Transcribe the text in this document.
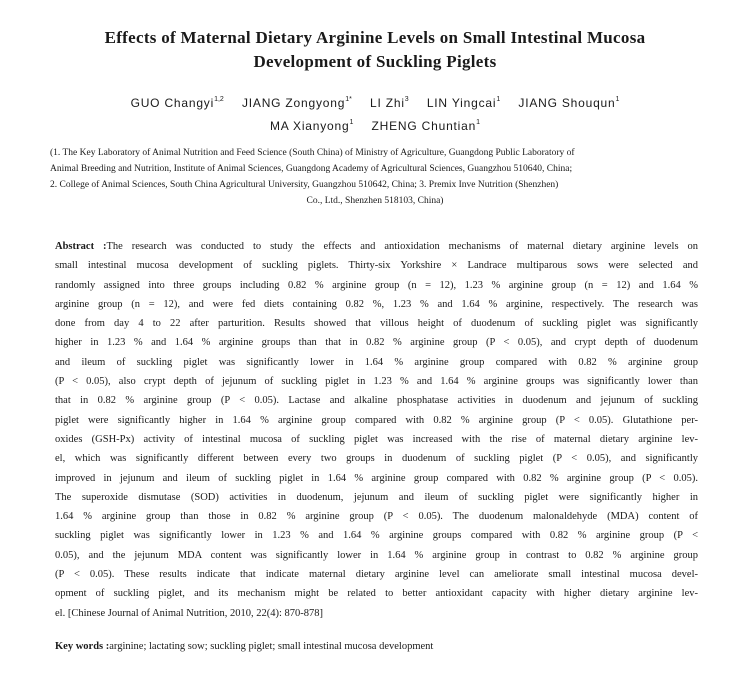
Effects of Maternal Dietary Arginine Levels on Small Intestinal Mucosa
Development of Suckling Piglets
GUO Changyi$^{1,2}$ JIANG Zongyong$^{1*}$ LI Zhi$^3$ LIN Yingcai$^1$ JIANG Shouqun$^1$
MA Xianyong$^1$ ZHENG Chuntian$^1$
(1. The Key Laboratory of Animal Nutrition and Feed Science (South China) of Ministry of Agriculture, Guangdong Public Laboratory of
Animal Breeding and Nutrition, Institute of Animal Sciences, Guangdong Academy of Agricultural Sciences, Guangzhou 510640, China;
2. College of Animal Sciences, South China Agricultural University, Guangzhou 510642, China; 3. Premix Inve Nutrition (Shenzhen)
Co., Ltd., Shenzhen 518103, China)
Abstract :The research was conducted to study the effects and antioxidation mechanisms of maternal dietary arginine levels on
small intestinal mucosa development of suckling piglets. Thirty-six Yorkshire × Landrace multiparous sows were selected and
randomly assigned into three groups including 0.82 % arginine group (n = 12), 1.23 % arginine group (n = 12) and 1.64 %
arginine group (n = 12), and were fed diets containing 0.82 %, 1.23 % and 1.64 % arginine, respectively. The research was
done from day 4 to 22 after parturition. Results showed that villous height of duodenum of suckling piglet was significantly
higher in 1.23 % and 1.64 % arginine groups than that in 0.82 % arginine group (P < 0.05), and crypt depth of duodenum
and ileum of suckling piglet was significantly lower in 1.64 % arginine group compared with 0.82 % arginine group
(P < 0.05), also crypt depth of jejunum of suckling piglet in 1.23 % and 1.64 % arginine groups was significantly lower than
that in 0.82 % arginine group (P < 0.05). Lactase and alkaline phosphatase activities in duodenum and jejunum of suckling
piglet were significantly higher in 1.64 % arginine group compared with 0.82 % arginine group (P < 0.05). Glutathione per-
oxides (GSH-Px) activity of intestinal mucosa of suckling piglet was increased with the rise of maternal dietary arginine lev-
el, which was significantly different between every two groups in duodenum of suckling piglet (P < 0.05), and significantly
improved in jejunum and ileum of suckling piglet in 1.64 % arginine group compared with 0.82 % arginine group (P < 0.05).
The superoxide dismutase (SOD) activities in duodenum, jejunum and ileum of suckling piglet were significantly higher in
1.64 % arginine group than those in 0.82 % arginine group (P < 0.05). The duodenum malonaldehyde (MDA) content of
suckling piglet was significantly lower in 1.23 % and 1.64 % arginine groups compared with 0.82 % arginine group (P <
0.05), and the jejunum MDA content was significantly lower in 1.64 % arginine group in contrast to 0.82 % arginine group
(P < 0.05). These results indicate that indicate maternal dietary arginine level can ameliorate small intestinal mucosa devel-
opment of suckling piglet, and its mechanism might be related to better antioxidant capacity with higher dietary arginine lev-
el. [Chinese Journal of Animal Nutrition, 2010, 22(4): 870-878]
Key words :arginine; lactating sow; suckling piglet; small intestinal mucosa development
